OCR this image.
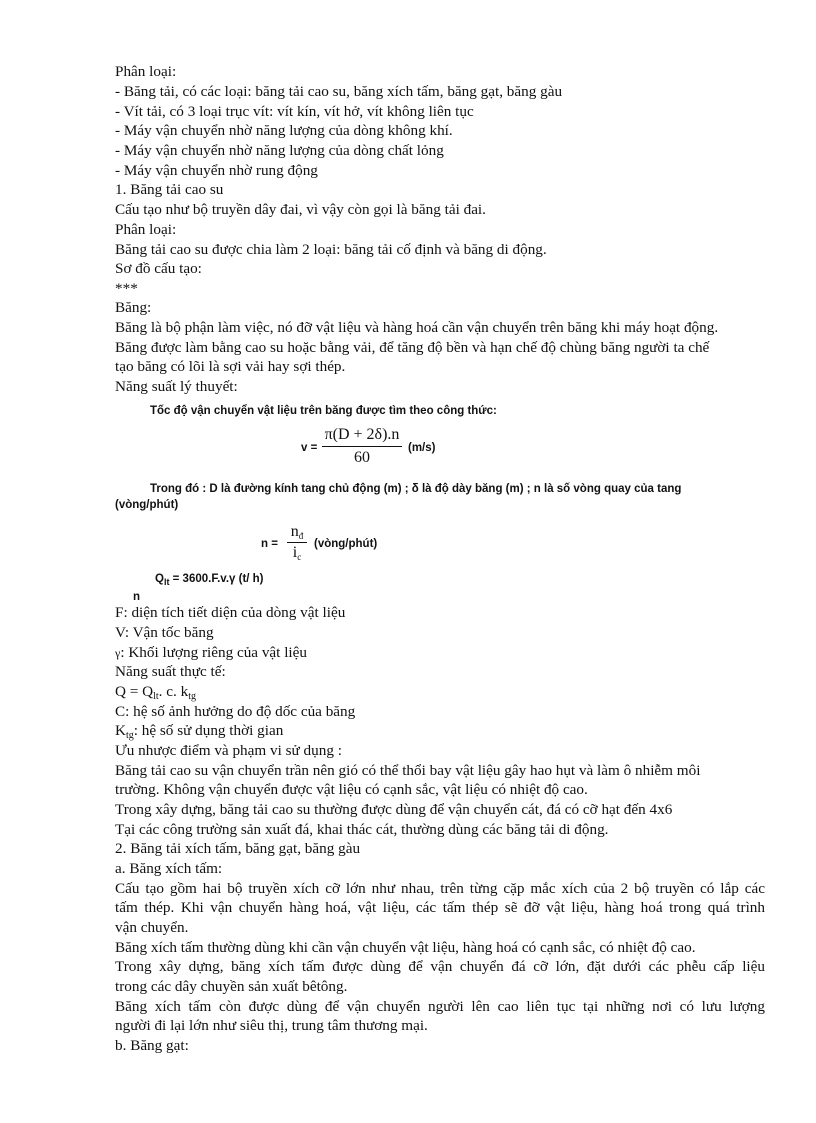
Phân loại:
- Băng tải, có các loại: băng tải cao su, băng xích tấm, băng gạt, băng gàu
- Vít tải, có 3 loại trục vít: vít kín, vít hở, vít không liên tục
- Máy vận chuyển nhờ năng lượng của dòng không khí.
- Máy vận chuyển nhờ năng lượng của dòng chất lỏng
- Máy vận chuyển nhờ rung động
1. Băng tải cao su
Cấu tạo như bộ truyền dây đai, vì vậy còn gọi là băng tải đai.
Phân loại:
Băng tải cao su được chia làm 2 loại: băng tải cố định và băng di động.
Sơ đồ cấu tạo:
***
Băng:
Băng là bộ phận làm việc, nó đỡ vật liệu và hàng hoá cần vận chuyển trên băng khi máy hoạt động.
Băng được làm bằng cao su hoặc bằng vải, để tăng độ bền và hạn chế độ chùng băng người ta chế
tạo băng có lõi là sợi vải hay sợi thép.
Năng suất lý thuyết:
Tốc độ vận chuyển vật liệu trên băng được tìm theo công thức:
v =
π(D + 2δ).n
60
(m/s)
Trong đó : D là đường kính tang chủ động (m) ; δ là độ dày băng (m) ; n là số vòng quay của tang
(vòng/phút)
n =
$n_đ$
$i_c$
(vòng/phút)
$Q_{lt} = 3600.F.v.\gamma$ (t/ h)
n
F: diện tích tiết diện của dòng vật liệu
V: Vận tốc băng
γ: Khối lượng riêng của vật liệu
Năng suất thực tế:
$Q = Q_{lt}$. c. $k_{tg}$
C: hệ số ảnh hưởng do độ dốc của băng
$K_{tg}$: hệ số sử dụng thời gian
Ưu nhược điểm và phạm vi sử dụng :
Băng tải cao su vận chuyển trần nên gió có thể thổi bay vật liệu gây hao hụt và làm ô nhiễm môi
trường. Không vận chuyển được vật liệu có cạnh sắc, vật liệu có nhiệt độ cao.
Trong xây dựng, băng tải cao su thường được dùng để vận chuyển cát, đá có cỡ hạt đến 4x6
Tại các công trường sản xuất đá, khai thác cát, thường dùng các băng tải di động.
2. Băng tải xích tấm, băng gạt, băng gàu
a. Băng xích tấm:
Cấu tạo gồm hai bộ truyền xích cỡ lớn như nhau, trên từng cặp mắc xích của 2 bộ truyền có lắp các
tấm thép. Khi vận chuyển hàng hoá, vật liệu, các tấm thép sẽ đỡ vật liệu, hàng hoá trong quá trình
vận chuyển.
Băng xích tấm thường dùng khi cần vận chuyển vật liệu, hàng hoá có cạnh sắc, có nhiệt độ cao.
Trong xây dựng, băng xích tấm được dùng để vận chuyển đá cỡ lớn, đặt dưới các phễu cấp liệu
trong các dây chuyền sản xuất bêtông.
Băng xích tấm còn được dùng để vận chuyển người lên cao liên tục tại những nơi có lưu lượng
người đi lại lớn như siêu thị, trung tâm thương mại.
b. Băng gạt:
